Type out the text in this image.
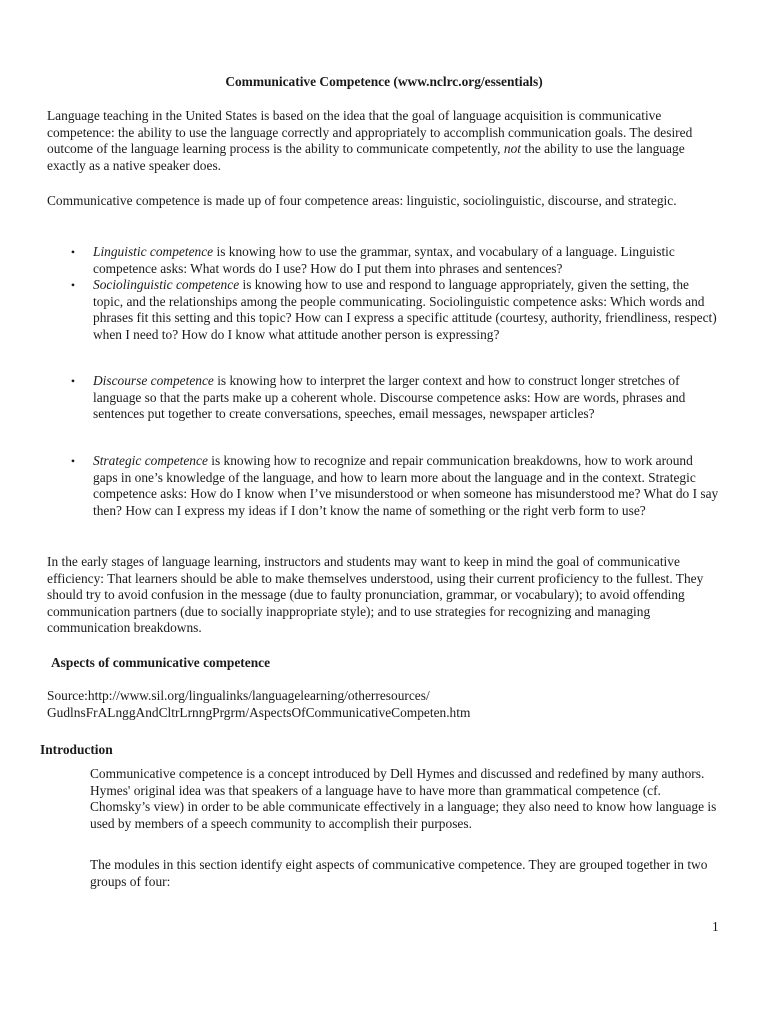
Communicative Competence (www.nclrc.org/essentials)

Language teaching in the United States is based on the idea that the goal of language acquisition is communicative competence: the ability to use the language correctly and appropriately to accomplish communication goals. The desired outcome of the language learning process is the ability to communicate competently, not the ability to use the language exactly as a native speaker does.

Communicative competence is made up of four competence areas: linguistic, sociolinguistic, discourse, and strategic.

• Linguistic competence is knowing how to use the grammar, syntax, and vocabulary of a language. Linguistic competence asks: What words do I use? How do I put them into phrases and sentences?

• Sociolinguistic competence is knowing how to use and respond to language appropriately, given the setting, the topic, and the relationships among the people communicating. Sociolinguistic competence asks: Which words and phrases fit this setting and this topic? How can I express a specific attitude (courtesy, authority, friendliness, respect) when I need to? How do I know what attitude another person is expressing?

• Discourse competence is knowing how to interpret the larger context and how to construct longer stretches of language so that the parts make up a coherent whole. Discourse competence asks: How are words, phrases and sentences put together to create conversations, speeches, email messages, newspaper articles?

• Strategic competence is knowing how to recognize and repair communication breakdowns, how to work around gaps in one’s knowledge of the language, and how to learn more about the language and in the context. Strategic competence asks: How do I know when I’ve misunderstood or when someone has misunderstood me? What do I say then? How can I express my ideas if I don’t know the name of something or the right verb form to use?

In the early stages of language learning, instructors and students may want to keep in mind the goal of communicative efficiency: That learners should be able to make themselves understood, using their current proficiency to the fullest. They should try to avoid confusion in the message (due to faulty pronunciation, grammar, or vocabulary); to avoid offending communication partners (due to socially inappropriate style); and to use strategies for recognizing and managing communication breakdowns.

Aspects of communicative competence

Source:http://www.sil.org/lingualinks/languagelearning/otherresources/

GudlnsFrALnggAndCltrLrnngPrgrm/AspectsOfCommunicativeCompeten.htm

Introduction

Communicative competence is a concept introduced by Dell Hymes and discussed and redefined by many authors. Hymes' original idea was that speakers of a language have to have more than grammatical competence (cf. Chomsky’s view) in order to be able communicate effectively in a language; they also need to know how language is used by members of a speech community to accomplish their purposes.

The modules in this section identify eight aspects of communicative competence. They are grouped together in two groups of four:

1
